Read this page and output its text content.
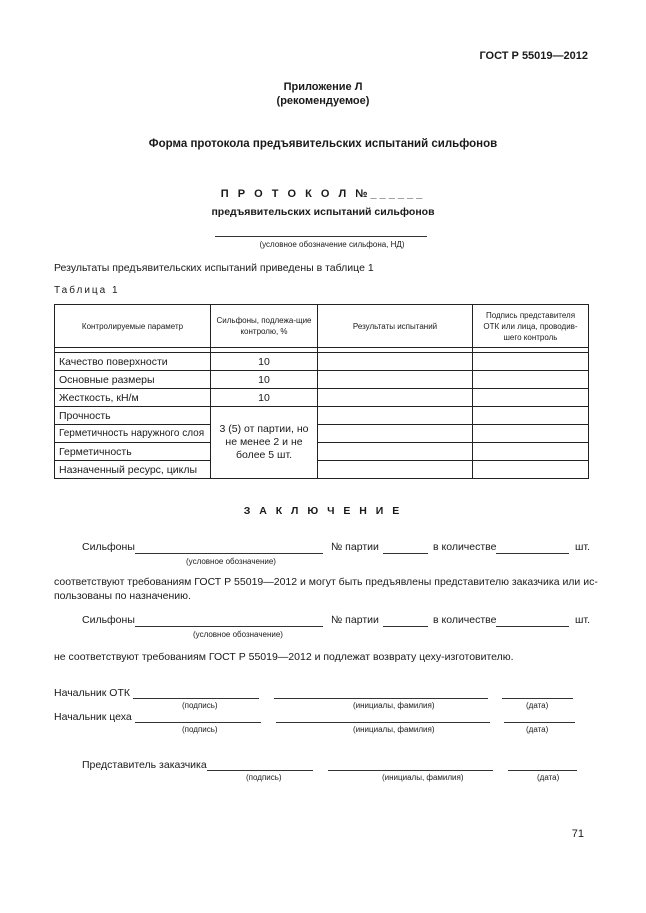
ГОСТ Р 55019—2012
Приложение Л
(рекомендуемое)
Форма протокола предъявительских испытаний сильфонов
П Р О Т О К О Л №______
предъявительских испытаний сильфонов
(условное обозначение сильфона, НД)
Результаты предъявительских испытаний приведены в таблице 1
Таблица 1
Контролируемые параметр	Сильфоны, подлежа-щие контролю, %	Результаты испытаний	Подпись представителя ОТК или лица, проводив-шего контроль

Качество поверхности	10		
Основные размеры	10		
Жесткость, кН/м	10		
Прочность	3 (5) от партии, но не менее 2 и не более 5 шт.		
Герметичность наружного слоя			
Герметичность			
Назначенный ресурс, циклы			
З А К Л Ю Ч Е Н И Е
Сильфоны	№ партии	в количестве	шт.
(условное обозначение)
соответствуют требованиям ГОСТ Р 55019—2012 и могут быть предъявлены представителю заказчика или ис-
пользованы по назначению.
Сильфоны	№ партии	в количестве	шт.
(условное обозначение)
не соответствуют требованиям ГОСТ Р 55019—2012 и подлежат возврату цеху-изготовителю.
Начальник ОТК
(подпись)	(инициалы, фамилия)	(дата)
Начальник цеха
(подпись)	(инициалы, фамилия)	(дата)
Представитель заказчика
(подпись)	(инициалы, фамилия)	(дата)
71
